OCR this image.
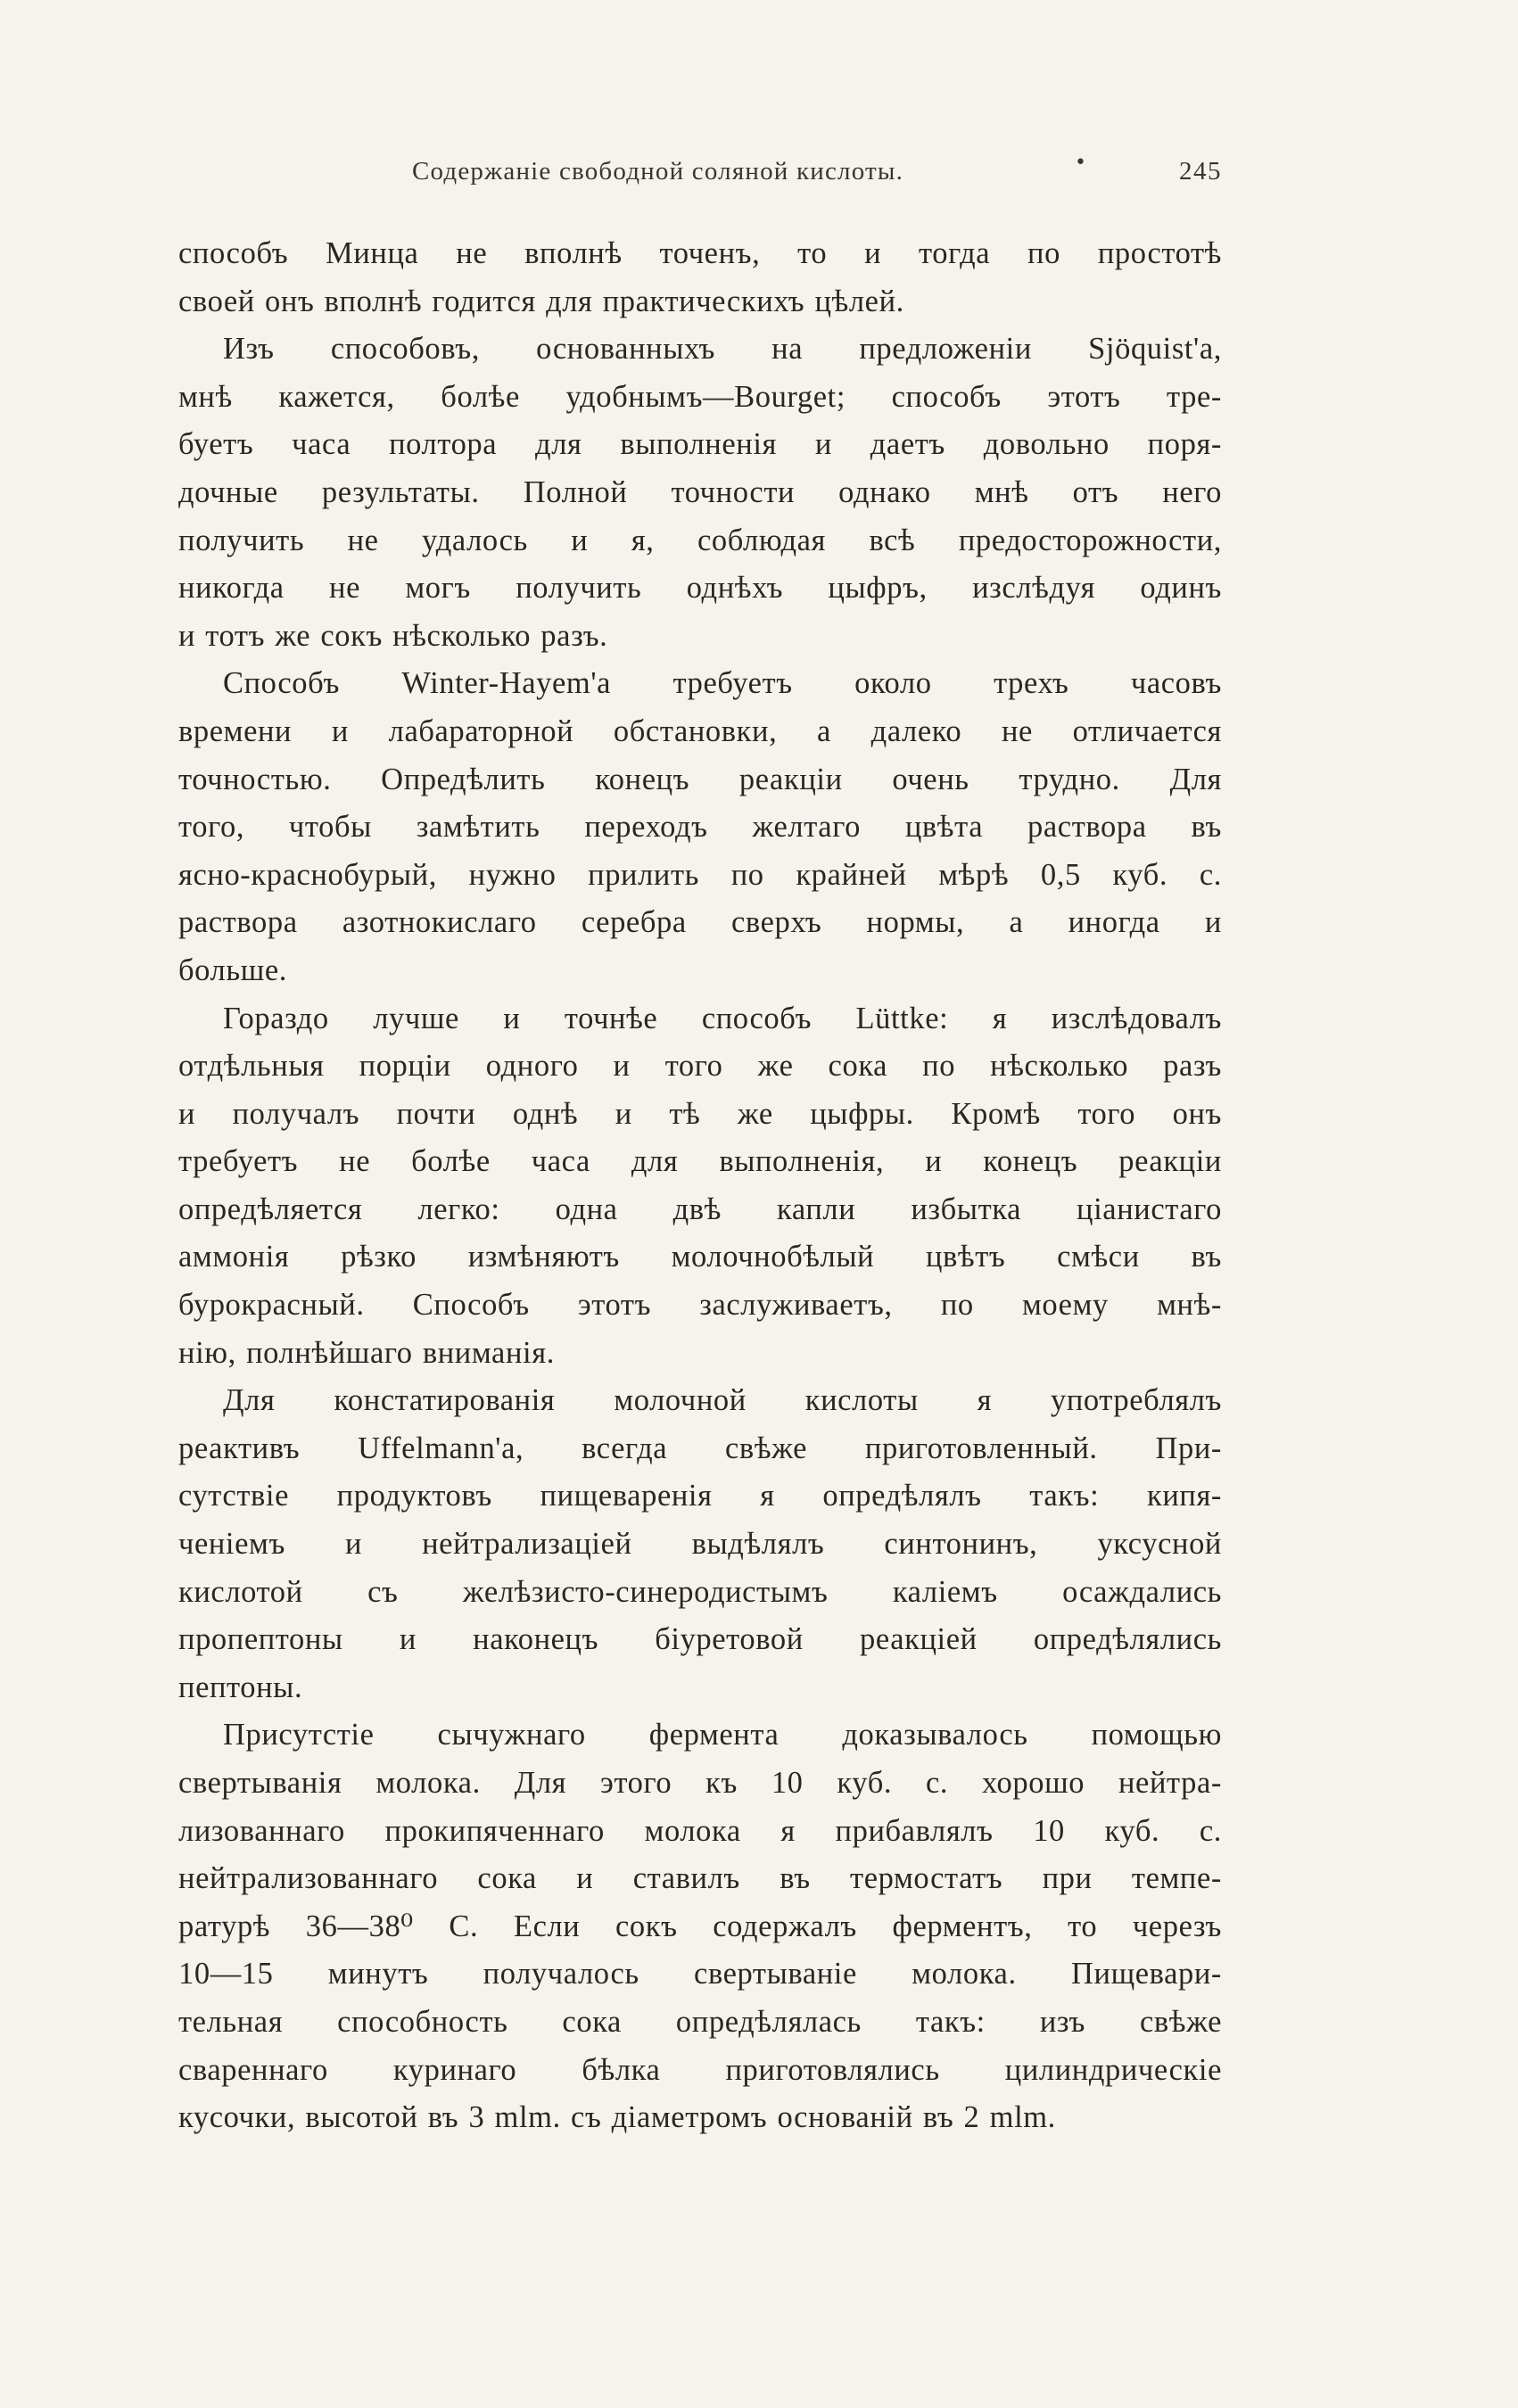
Содержаніе свободной соляной кислоты.	•	245

способъ Минца не вполнѣ точенъ, то и тогда по простотѣ
своей онъ вполнѣ годится для практическихъ цѣлей.

Изъ способовъ, основанныхъ на предложеніи Sjöquist'a,
мнѣ кажется, болѣе удобнымъ—Bourget; способъ этотъ тре-
буетъ часа полтора для выполненія и даетъ довольно поря-
дочные результаты. Полной точности однако мнѣ отъ него
получить не удалось и я, соблюдая всѣ предосторожности,
никогда не могъ получить однѣхъ цыфръ, изслѣдуя одинъ
и тотъ же сокъ нѣсколько разъ.

Способъ Winter-Hayem'a требуетъ около трехъ часовъ
времени и лабараторной обстановки, а далеко не отличается
точностью. Опредѣлить конецъ реакціи очень трудно. Для
того, чтобы замѣтить переходъ желтаго цвѣта раствора въ
ясно-краснобурый, нужно прилить по крайней мѣрѣ 0,5 куб. с.
раствора азотнокислаго серебра сверхъ нормы, а иногда и
больше.

Гораздо лучше и точнѣе способъ Lüttke: я изслѣдовалъ
отдѣльныя порціи одного и того же сока по нѣсколько разъ
и получалъ почти однѣ и тѣ же цыфры. Кромѣ того онъ
требуетъ не болѣе часа для выполненія, и конецъ реакціи
опредѣляется легко: одна двѣ капли избытка ціанистаго
аммонія рѣзко измѣняютъ молочнобѣлый цвѣтъ смѣси въ
бурокрасный. Способъ этотъ заслуживаетъ, по моему мнѣ-
нію, полнѣйшаго вниманія.

Для констатированія молочной кислоты я употреблялъ
реактивъ Uffelmann'a, всегда свѣже приготовленный. При-
сутствіе продуктовъ пищеваренія я опредѣлялъ такъ: кипя-
ченіемъ и нейтрализаціей выдѣлялъ синтонинъ, уксусной
кислотой съ желѣзисто-синеродистымъ каліемъ осаждались
пропептоны и наконецъ біуретовой реакціей опредѣлялись
пептоны.

Присутстіе сычужнаго фермента доказывалось помощью
свертыванія молока. Для этого къ 10 куб. с. хорошо нейтра-
лизованнаго прокипяченнаго молока я прибавлялъ 10 куб. с.
нейтрализованнаго сока и ставилъ въ термостатъ при темпе-
ратурѣ 36—38⁰ С. Если сокъ содержалъ ферментъ, то черезъ
10—15 минутъ получалось свертываніе молока. Пищевари-
тельная способность сока опредѣлялась такъ: изъ свѣже
свареннаго куринаго бѣлка приготовлялись цилиндрическіе
кусочки, высотой въ 3 mlm. съ діаметромъ основаній въ 2 mlm.
